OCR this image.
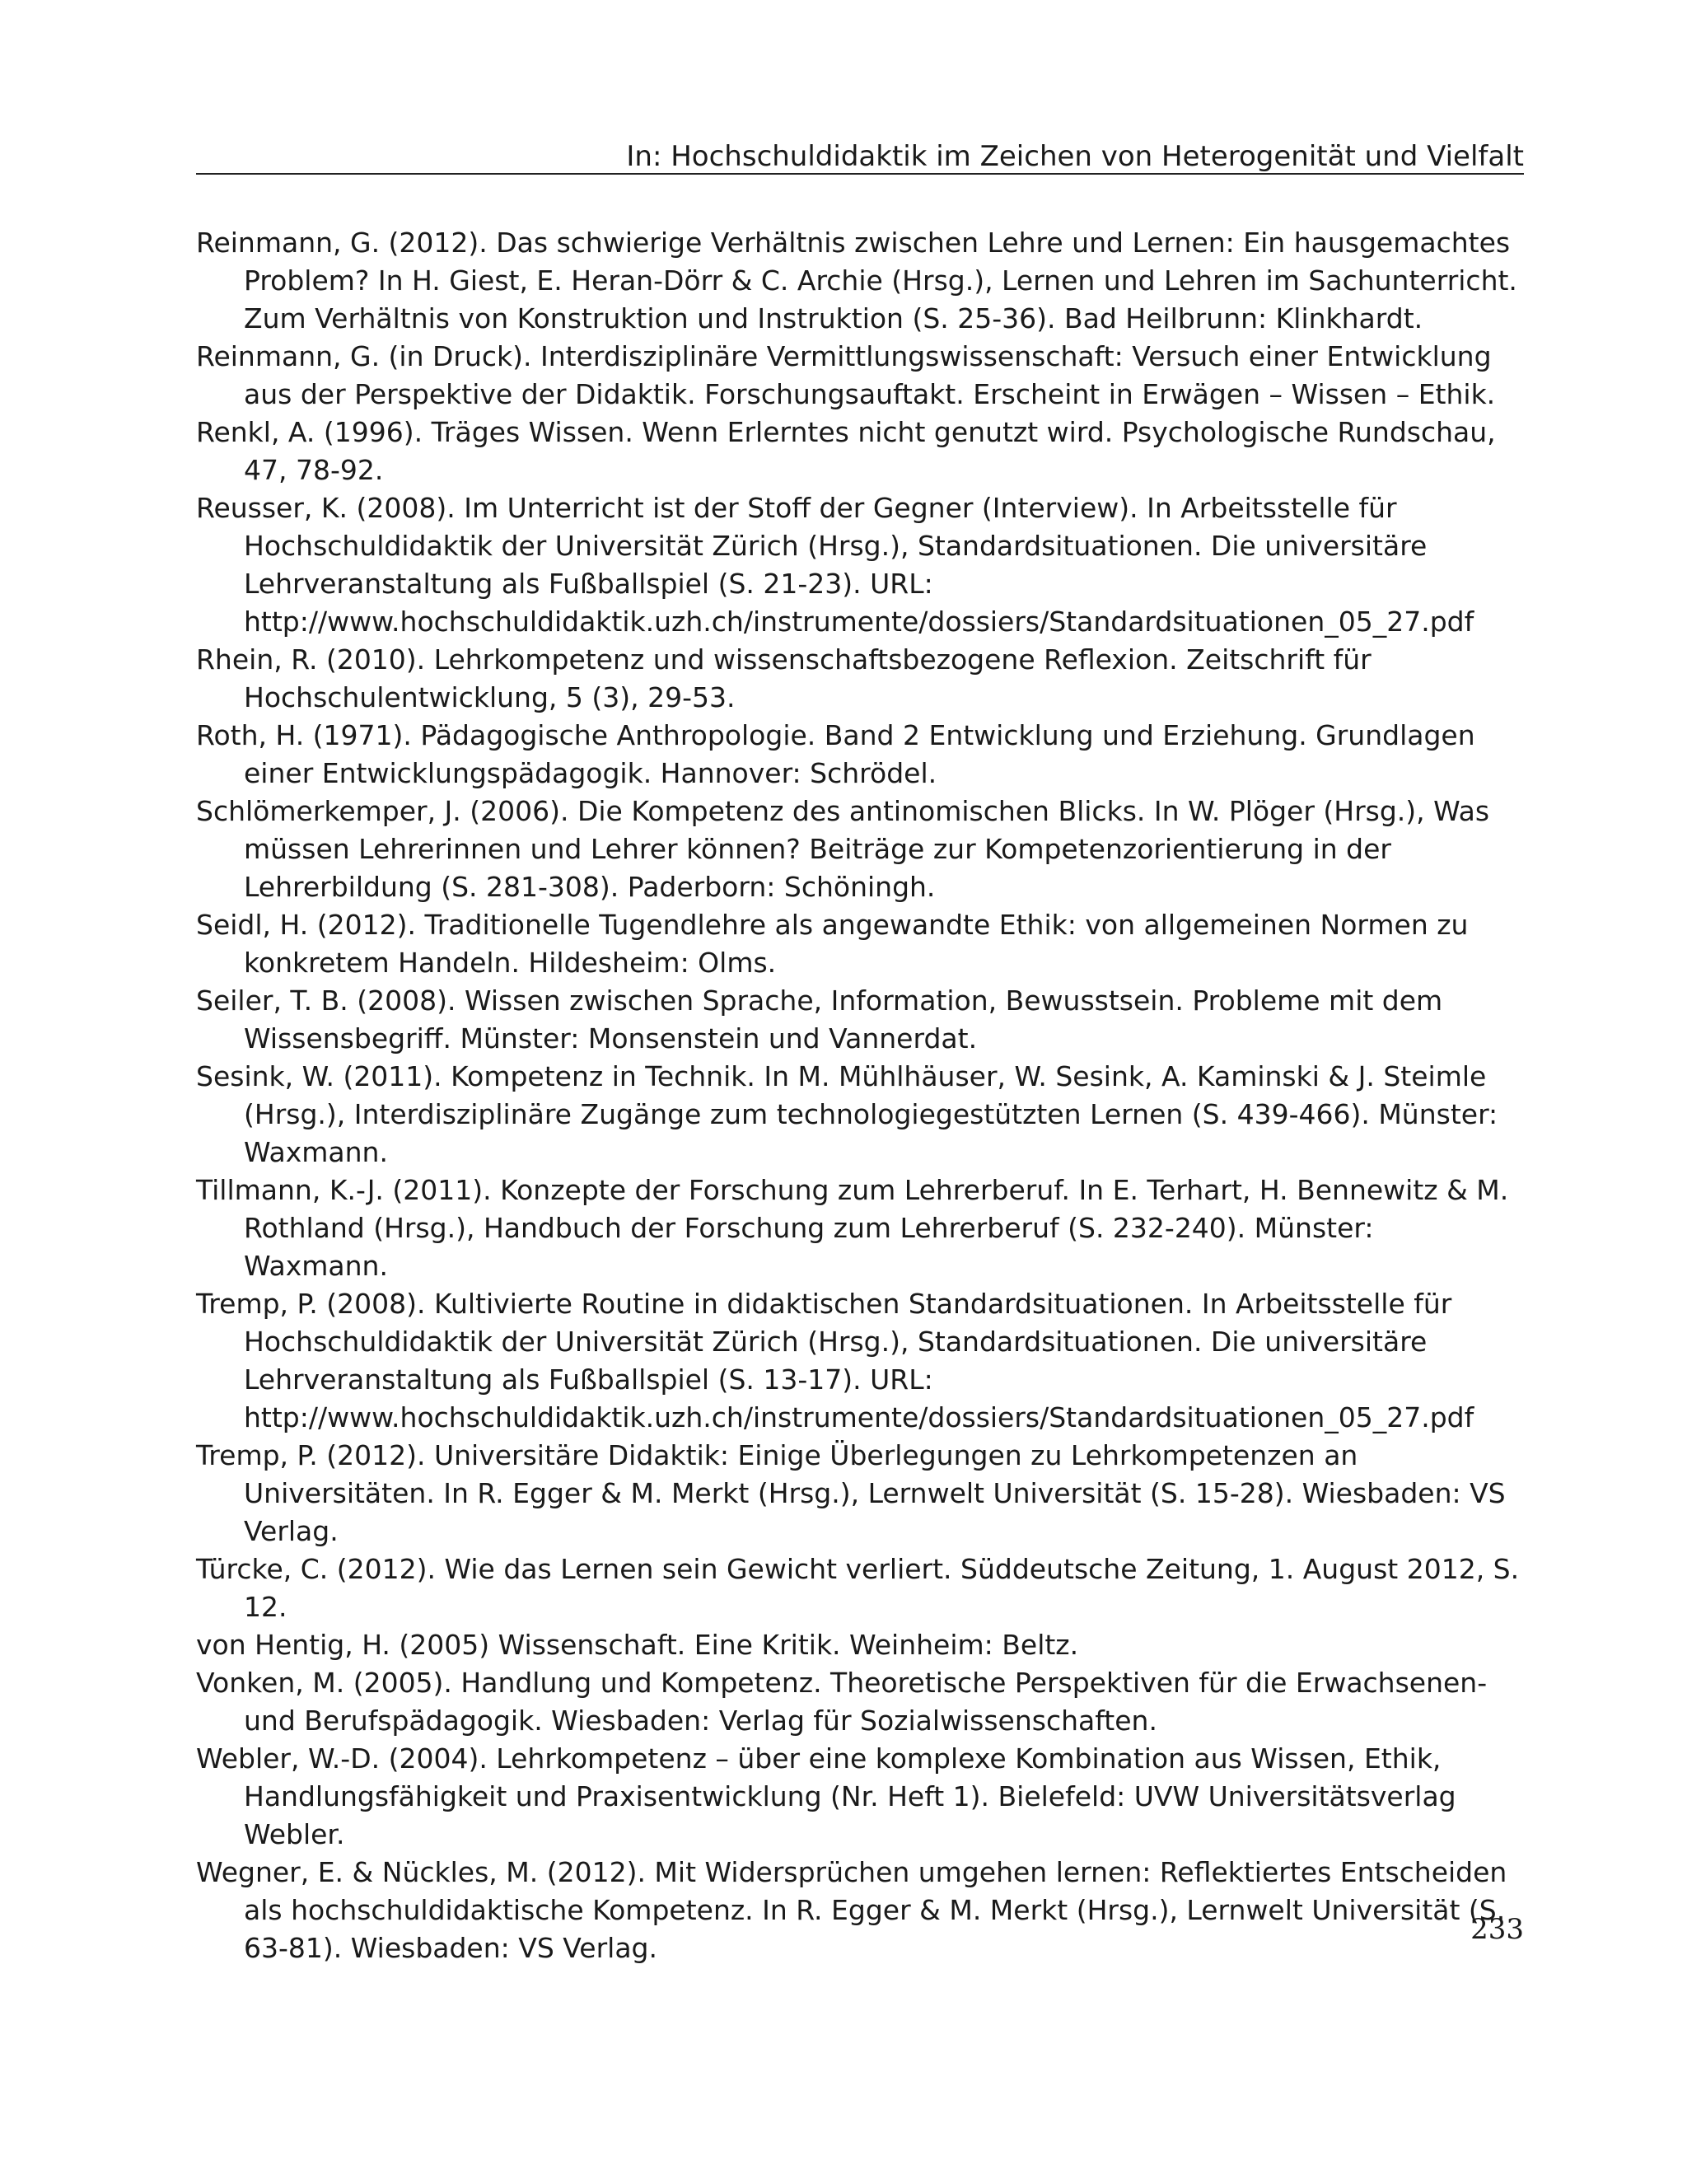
In: Hochschuldidaktik im Zeichen von Heterogenität und Vielfalt
Reinmann, G. (2012). Das schwierige Verhältnis zwischen Lehre und Lernen: Ein hausgemachtes Problem? In H. Giest, E. Heran-Dörr & C. Archie (Hrsg.), Lernen und Lehren im Sachunterricht. Zum Verhältnis von Konstruktion und Instruktion (S. 25-36). Bad Heilbrunn: Klinkhardt.
Reinmann, G. (in Druck). Interdisziplinäre Vermittlungswissenschaft: Versuch einer Entwicklung aus der Perspektive der Didaktik. Forschungsauftakt. Erscheint in Erwägen – Wissen – Ethik.
Renkl, A. (1996). Träges Wissen. Wenn Erlerntes nicht genutzt wird. Psychologische Rundschau, 47, 78-92.
Reusser, K. (2008). Im Unterricht ist der Stoff der Gegner (Interview). In Arbeitsstelle für Hochschuldidaktik der Universität Zürich (Hrsg.), Standardsituationen. Die universitäre Lehrveranstaltung als Fußballspiel (S. 21-23). URL: http://www.hochschuldidaktik.uzh.ch/instrumente/dossiers/Standardsituationen_05_27.pdf
Rhein, R. (2010). Lehrkompetenz und wissenschaftsbezogene Reflexion. Zeitschrift für Hochschulentwicklung, 5 (3), 29-53.
Roth, H. (1971). Pädagogische Anthropologie. Band 2 Entwicklung und Erziehung. Grundlagen einer Entwicklungspädagogik. Hannover: Schrödel.
Schlömerkemper, J. (2006). Die Kompetenz des antinomischen Blicks. In W. Plöger (Hrsg.), Was müssen Lehrerinnen und Lehrer können? Beiträge zur Kompetenzorientierung in der Lehrerbildung (S. 281-308). Paderborn: Schöningh.
Seidl, H. (2012). Traditionelle Tugendlehre als angewandte Ethik: von allgemeinen Normen zu konkretem Handeln. Hildesheim: Olms.
Seiler, T. B. (2008). Wissen zwischen Sprache, Information, Bewusstsein. Probleme mit dem Wissensbegriff. Münster: Monsenstein und Vannerdat.
Sesink, W. (2011). Kompetenz in Technik. In M. Mühlhäuser, W. Sesink, A. Kaminski & J. Steimle (Hrsg.), Interdisziplinäre Zugänge zum technologiegestützten Lernen (S. 439-466). Münster: Waxmann.
Tillmann, K.-J. (2011). Konzepte der Forschung zum Lehrerberuf. In E. Terhart, H. Bennewitz & M. Rothland (Hrsg.), Handbuch der Forschung zum Lehrerberuf (S. 232-240). Münster: Waxmann.
Tremp, P. (2008). Kultivierte Routine in didaktischen Standardsituationen. In Arbeitsstelle für Hochschuldidaktik der Universität Zürich (Hrsg.), Standardsituationen. Die universitäre Lehrveranstaltung als Fußballspiel (S. 13-17). URL: http://www.hochschuldidaktik.uzh.ch/instrumente/dossiers/Standardsituationen_05_27.pdf
Tremp, P. (2012). Universitäre Didaktik: Einige Überlegungen zu Lehrkompetenzen an Universitäten. In R. Egger & M. Merkt (Hrsg.), Lernwelt Universität (S. 15-28). Wiesbaden: VS Verlag.
Türcke, C. (2012). Wie das Lernen sein Gewicht verliert. Süddeutsche Zeitung, 1. August 2012, S. 12.
von Hentig, H. (2005) Wissenschaft. Eine Kritik. Weinheim: Beltz.
Vonken, M. (2005). Handlung und Kompetenz. Theoretische Perspektiven für die Erwachsenen- und Berufspädagogik. Wiesbaden: Verlag für Sozialwissenschaften.
Webler, W.-D. (2004). Lehrkompetenz – über eine komplexe Kombination aus Wissen, Ethik, Handlungsfähigkeit und Praxisentwicklung (Nr. Heft 1). Bielefeld: UVW Universitätsverlag Webler.
Wegner, E. & Nückles, M. (2012). Mit Widersprüchen umgehen lernen: Reflektiertes Entscheiden als hochschuldidaktische Kompetenz. In R. Egger & M. Merkt (Hrsg.), Lernwelt Universität (S. 63-81). Wiesbaden: VS Verlag.
233
